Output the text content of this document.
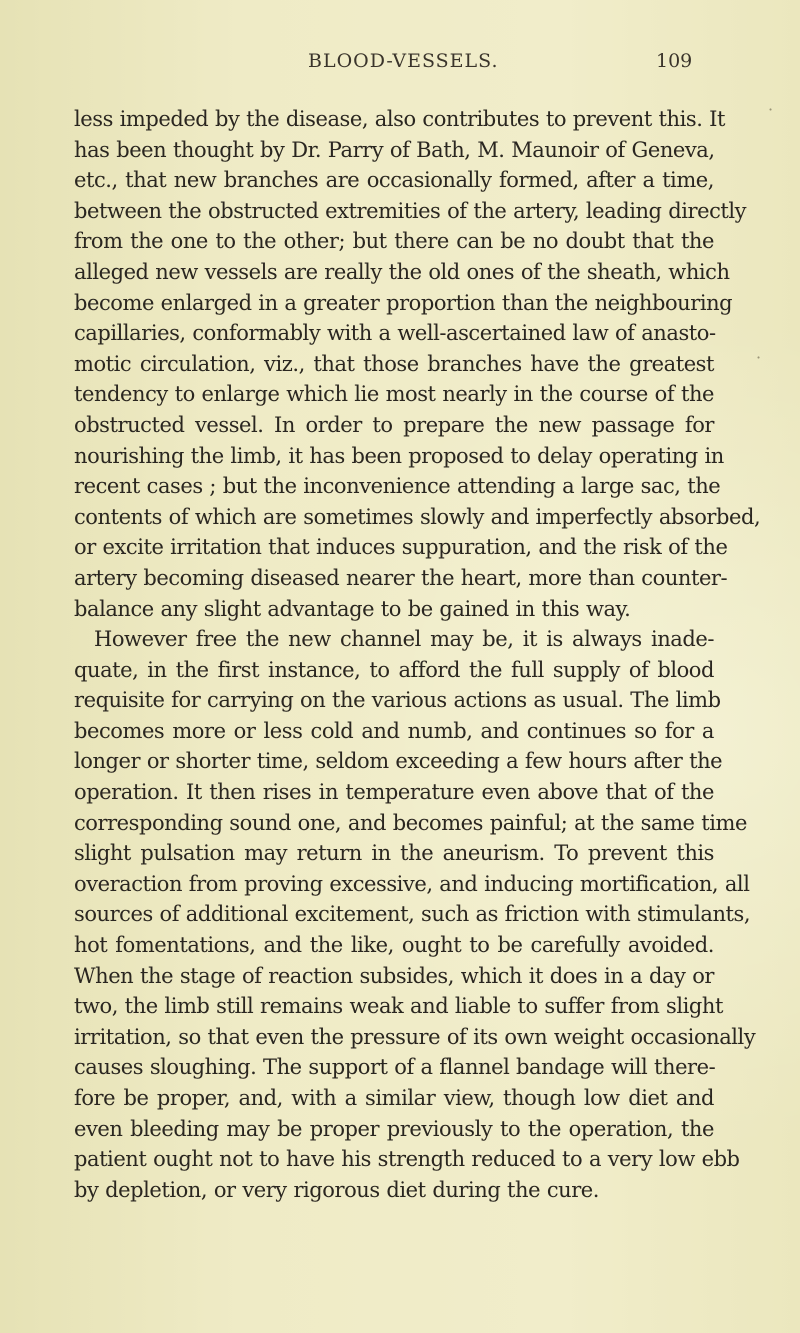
BLOOD-VESSELS.	109
·
·
less impeded by the disease, also contributes to prevent this. It
has been thought by Dr. Parry of Bath, M. Maunoir of Geneva,
etc., that new branches are occasionally formed, after a time,
between the obstructed extremities of the artery, leading directly
from the one to the other; but there can be no doubt that the
alleged new vessels are really the old ones of the sheath, which
become enlarged in a greater proportion than the neighbouring
capillaries, conformably with a well-ascertained law of anasto-
motic circulation, viz., that those branches have the greatest
tendency to enlarge which lie most nearly in the course of the
obstructed vessel. In order to prepare the new passage for
nourishing the limb, it has been proposed to delay operating in
recent cases ; but the inconvenience attending a large sac, the
contents of which are sometimes slowly and imperfectly absorbed,
or excite irritation that induces suppuration, and the risk of the
artery becoming diseased nearer the heart, more than counter-
balance any slight advantage to be gained in this way.
However free the new channel may be, it is always inade-
quate, in the first instance, to afford the full supply of blood
requisite for carrying on the various actions as usual. The limb
becomes more or less cold and numb, and continues so for a
longer or shorter time, seldom exceeding a few hours after the
operation. It then rises in temperature even above that of the
corresponding sound one, and becomes painful; at the same time
slight pulsation may return in the aneurism. To prevent this
overaction from proving excessive, and inducing mortification, all
sources of additional excitement, such as friction with stimulants,
hot fomentations, and the like, ought to be carefully avoided.
When the stage of reaction subsides, which it does in a day or
two, the limb still remains weak and liable to suffer from slight
irritation, so that even the pressure of its own weight occasionally
causes sloughing. The support of a flannel bandage will there-
fore be proper, and, with a similar view, though low diet and
even bleeding may be proper previously to the operation, the
patient ought not to have his strength reduced to a very low ebb
by depletion, or very rigorous diet during the cure.
